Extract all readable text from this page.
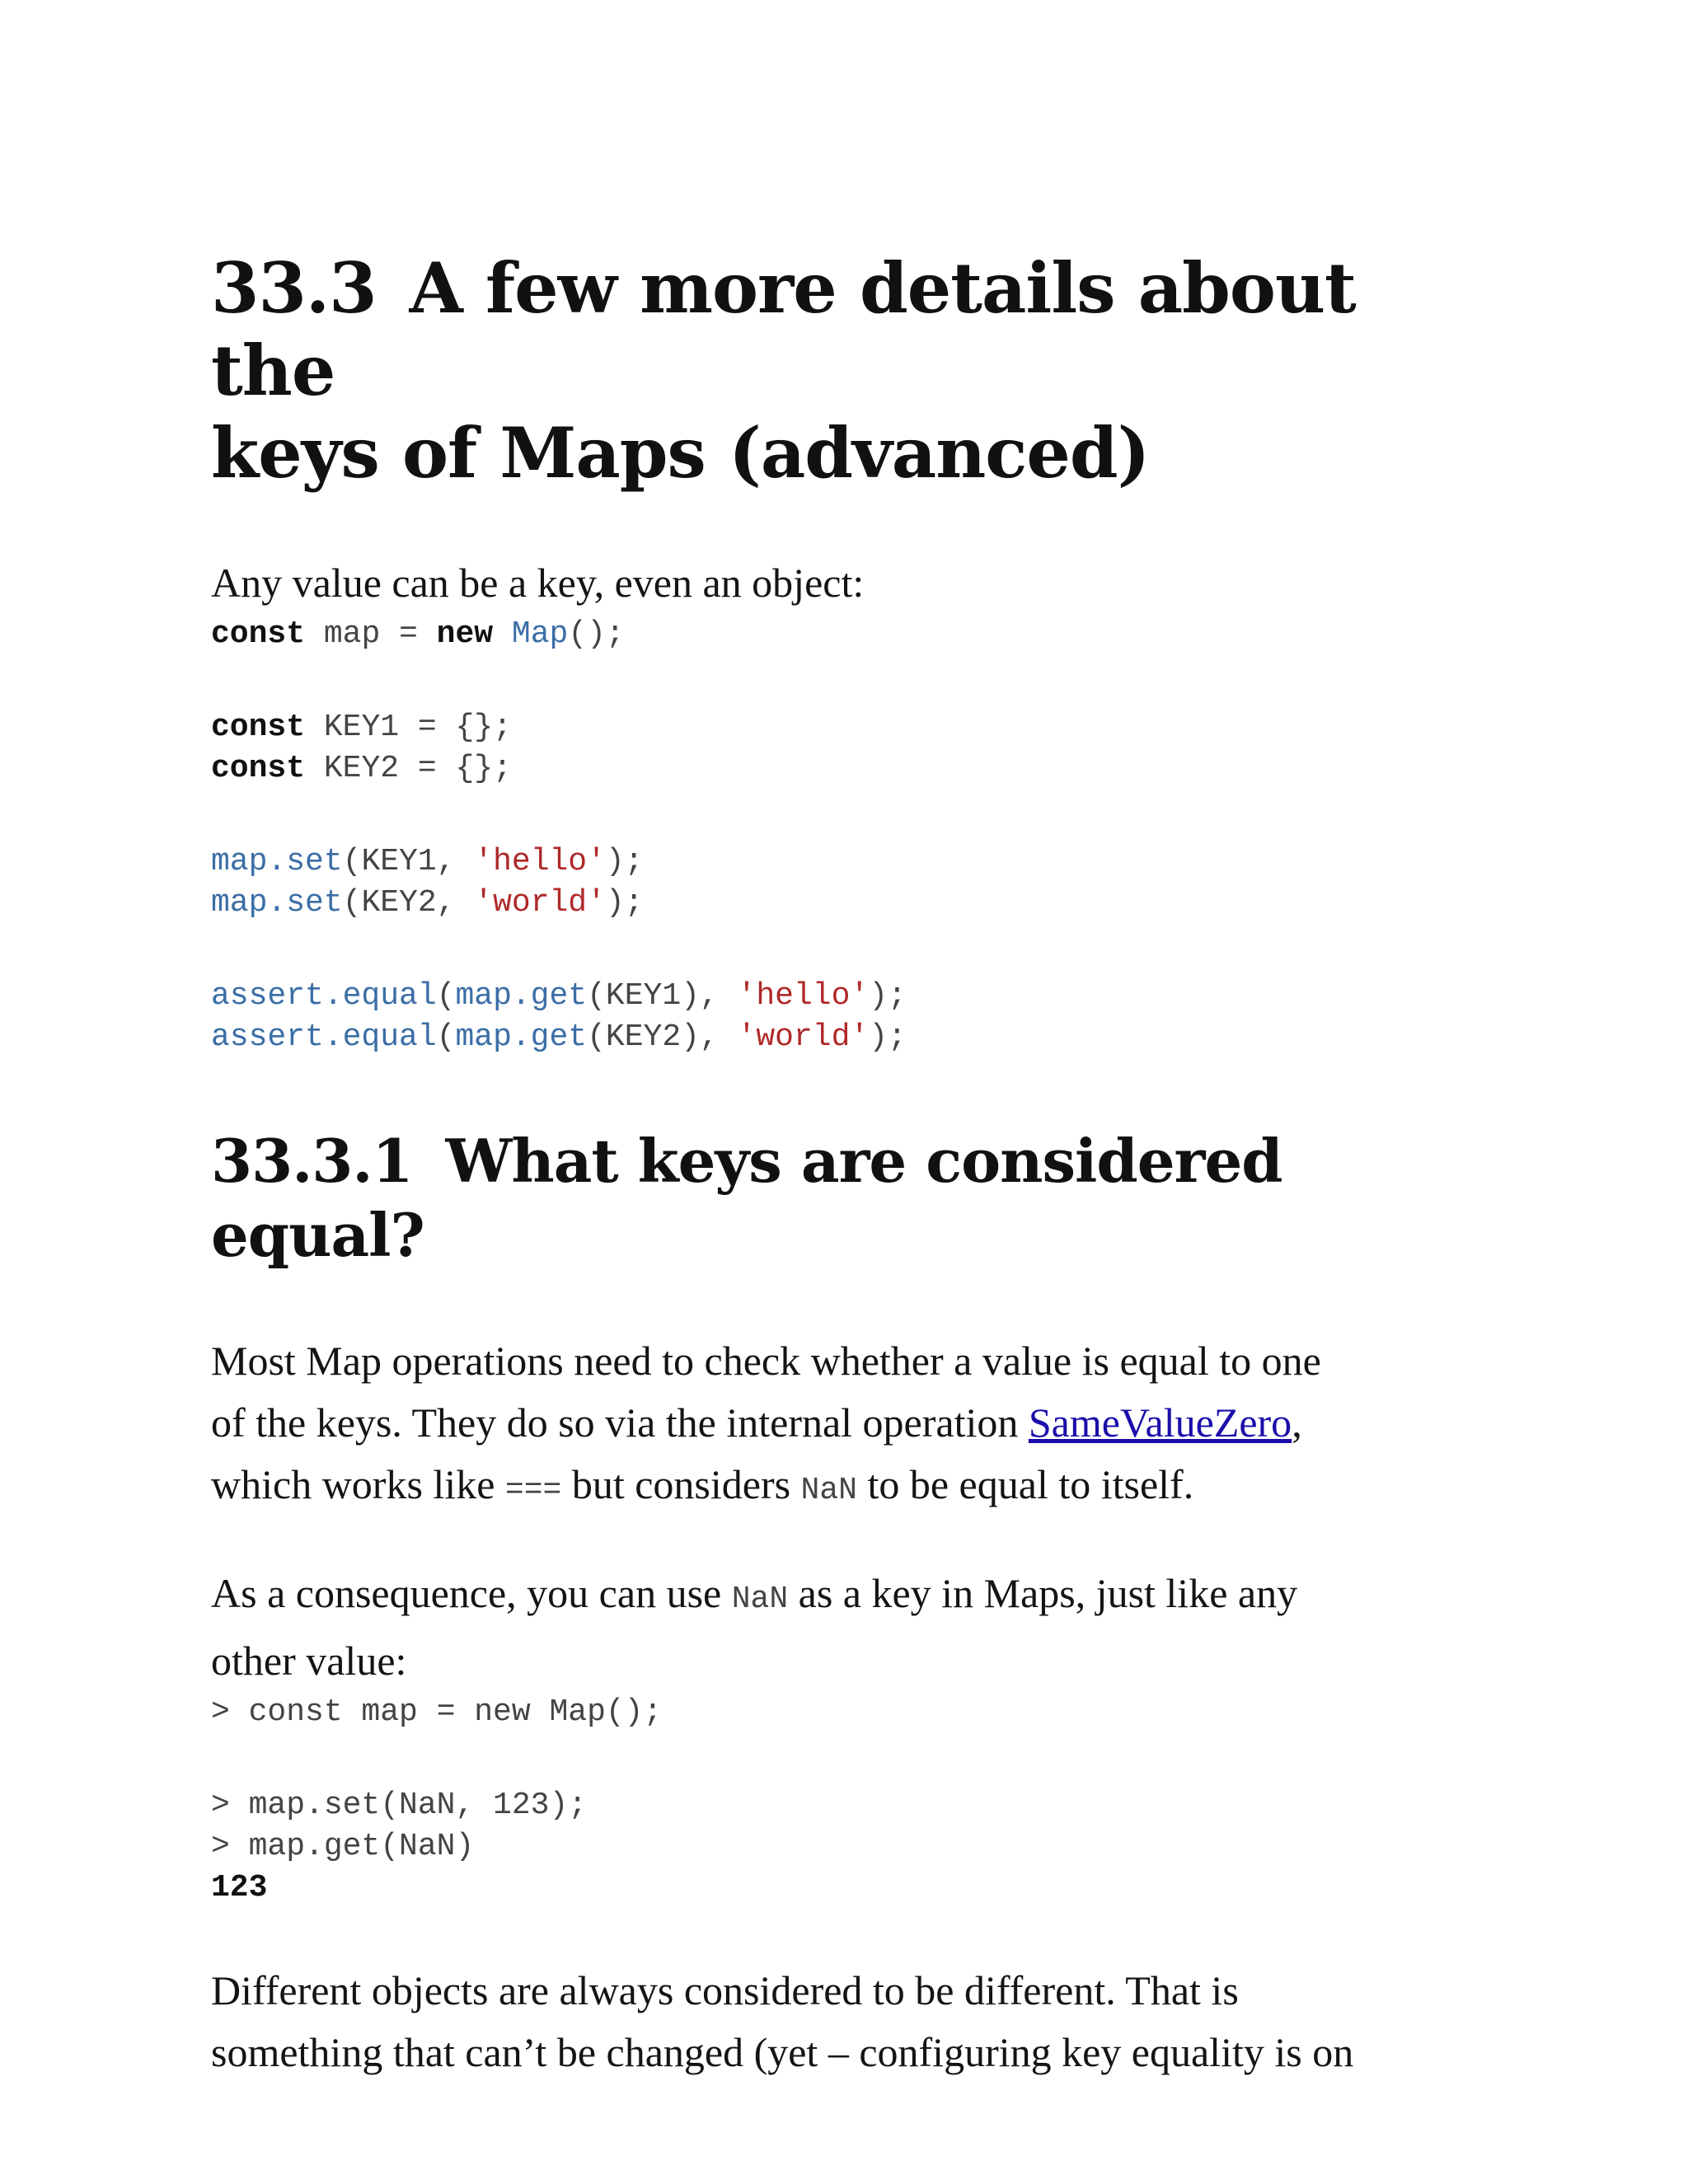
33.3 A few more details about the
keys of Maps (advanced)

Any value can be a key, even an object:

const map = new Map();
const KEY1 = {};
const KEY2 = {};
map.set(KEY1, 'hello');
map.set(KEY2, 'world');
assert.equal(map.get(KEY1), 'hello');
assert.equal(map.get(KEY2), 'world');
33.3.1 What keys are considered equal?

Most Map operations need to check whether a value is equal to one
of the keys. They do so via the internal operation SameValueZero,
which works like === but considers NaN to be equal to itself.

As a consequence, you can use NaN as a key in Maps, just like any
other value:

> const map = new Map();
> map.set(NaN, 123);
> map.get(NaN)
123

Different objects are always considered to be different. That is
something that can’t be changed (yet – configuring key equality is on
